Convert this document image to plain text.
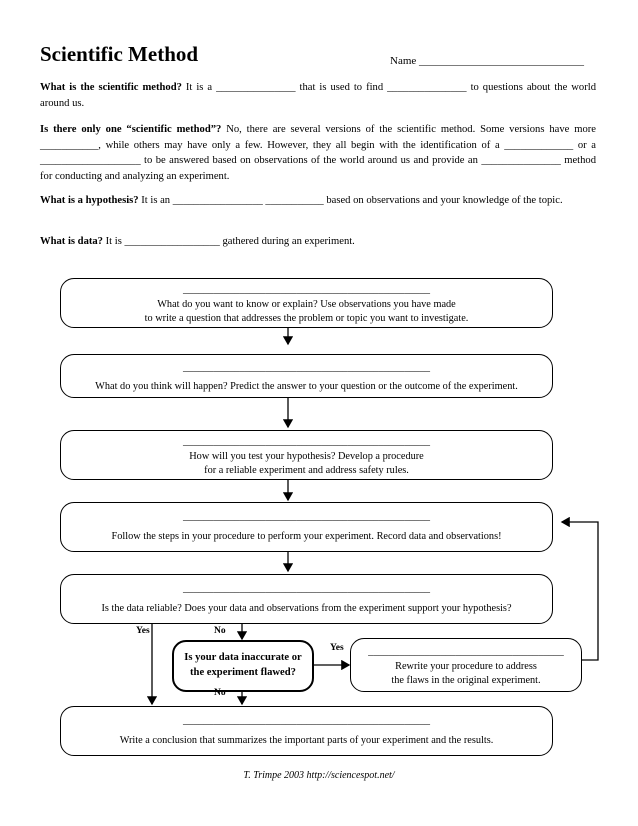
Scientific Method	Name ______________________________

What is the scientific method? It is a _______________ that is used to find _______________ to questions about the world around us.

Is there only one “scientific method”? No, there are several versions of the scientific method. Some versions have more ___________, while others may have only a few. However, they all begin with the identification of a _____________ or a ___________________ to be answered based on observations of the world around us and provide an _______________ method for conducting and analyzing an experiment.

What is a hypothesis? It is an _________________ ___________ based on observations and your knowledge of the topic.

What is data? It is __________________ gathered during an experiment.

________________________________________________
What do you want to know or explain? Use observations you have made
to write a question that addresses the problem or topic you want to investigate.
________________________________________________
What do you think will happen? Predict the answer to your question or the outcome of the experiment.
________________________________________________
How will you test your hypothesis? Develop a procedure
for a reliable experiment and address safety rules.
________________________________________________
Follow the steps in your procedure to perform your experiment. Record data and observations!
________________________________________________
Is the data reliable? Does your data and observations from the experiment support your hypothesis?
Is your data inaccurate or
the experiment flawed?
______________________________________
Rewrite your procedure to address
the flaws in the original experiment.
________________________________________________
Write a conclusion that summarizes the important parts of your experiment and the results.
Yes	No
Yes
No
T. Trimpe 2003 http://sciencespot.net/
